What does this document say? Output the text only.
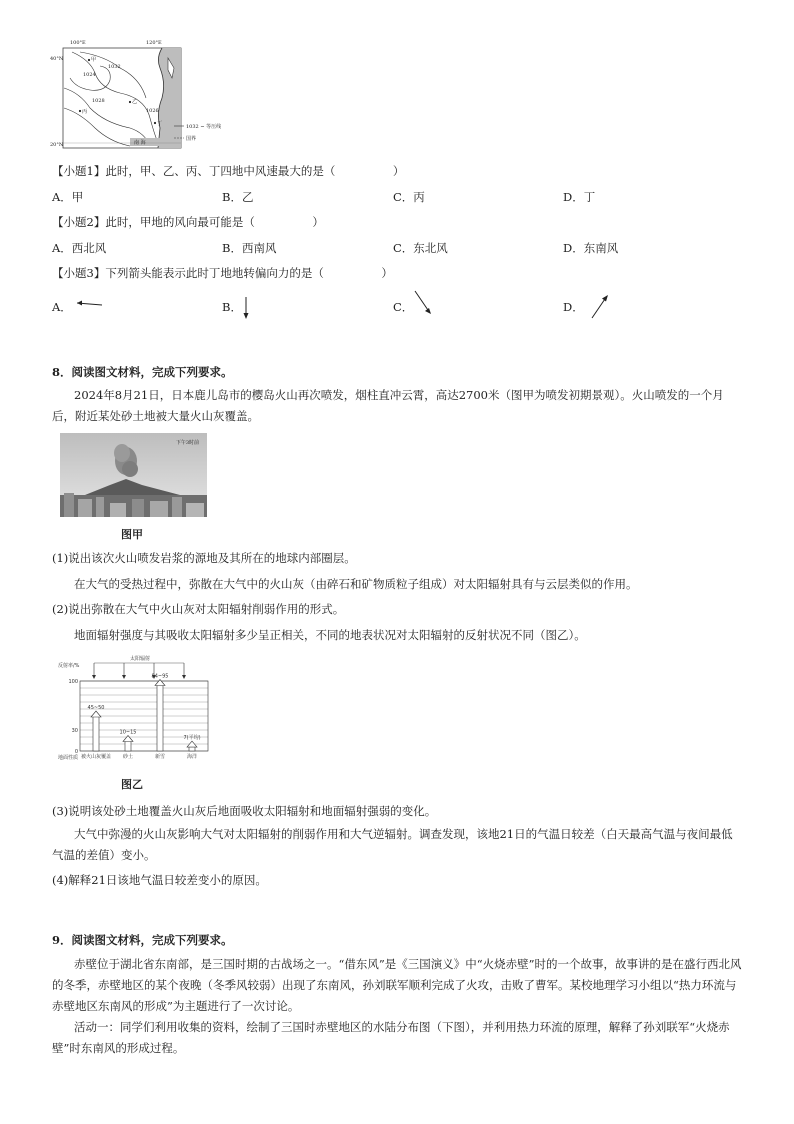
100°E	120°E
40°N
20°N
甲
乙
丙
丁
1024
1032
1028
1026
南 海
1032 ~ 等压线
国界
【小题1】此时，甲、乙、丙、丁四地中风速最大的是（　　　　　）
A．甲	B．乙	C．丙	D．丁
【小题2】此时，甲地的风向最可能是（　　　　　）
A．西北风	B．西南风	C．东北风	D．东南风
【小题3】下列箭头能表示此时丁地地转偏向力的是（　　　　　）
A．	B．	C．	D．
8．阅读图文材料，完成下列要求。
2024年8月21日，日本鹿儿岛市的樱岛火山再次喷发，烟柱直冲云霄，高达2700米（图甲为喷发初期景观）。火山喷发的一个月后，附近某处砂土地被大量火山灰覆盖。
下午3时前
图甲
(1)说出该次火山喷发岩浆的源地及其所在的地球内部圈层。
在大气的受热过程中，弥散在大气中的火山灰（由碎石和矿物质粒子组成）对太阳辐射具有与云层类似的作用。
(2)说出弥散在大气中火山灰对太阳辐射削弱作用的形式。
地面辐射强度与其吸收太阳辐射多少呈正相关，不同的地表状况对太阳辐射的反射状况不同（图乙）。
太阳辐射
反射率/%
地面性质
0
30
100
45~50
被火山灰覆盖
10~15
砂土
84~95
新雪
7(平均)
海洋
图乙
(3)说明该处砂土地覆盖火山灰后地面吸收太阳辐射和地面辐射强弱的变化。
大气中弥漫的火山灰影响大气对太阳辐射的削弱作用和大气逆辐射。调查发现，该地21日的气温日较差（白天最高气温与夜间最低气温的差值）变小。
(4)解释21日该地气温日较差变小的原因。
9．阅读图文材料，完成下列要求。
赤壁位于湖北省东南部，是三国时期的古战场之一。“借东风”是《三国演义》中“火烧赤壁”时的一个故事，故事讲的是在盛行西北风的冬季，赤壁地区的某个夜晚（冬季风较弱）出现了东南风，孙刘联军顺利完成了火攻，击败了曹军。某校地理学习小组以“热力环流与赤壁地区东南风的形成”为主题进行了一次讨论。
活动一：同学们利用收集的资料，绘制了三国时赤壁地区的水陆分布图（下图），并利用热力环流的原理，解释了孙刘联军“火烧赤壁”时东南风的形成过程。
